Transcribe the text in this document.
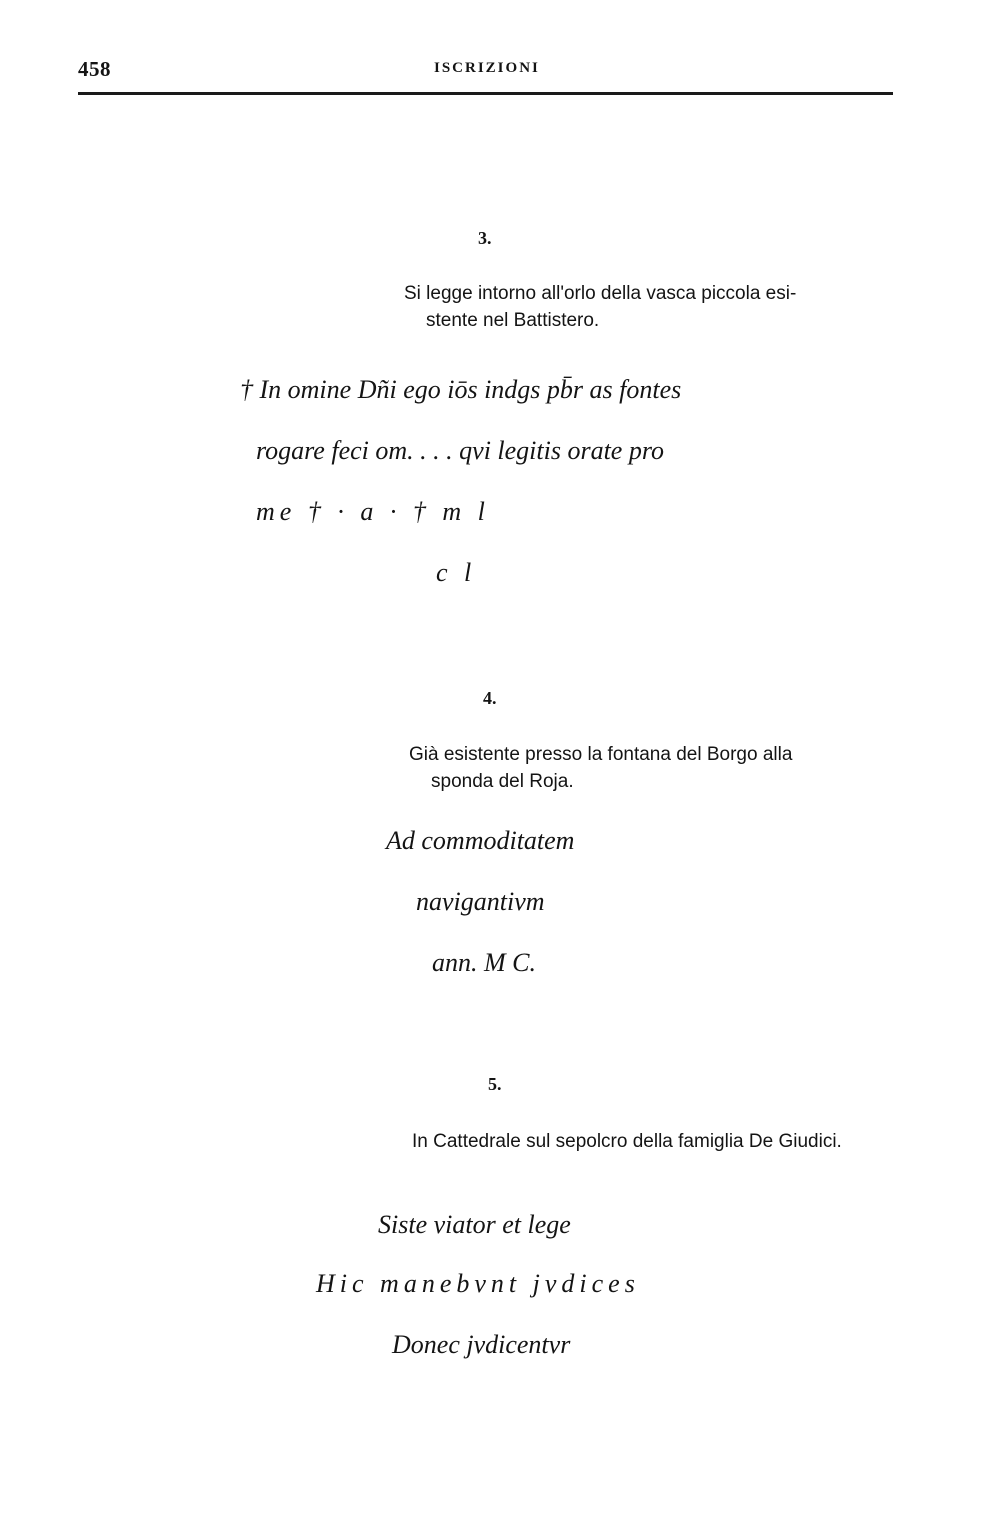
458	ISCRIZIONI
3.
Si legge intorno all'orlo della vasca piccola esi-
stente nel Battistero.
† In omine Dñi ego iōs indgs pb̄r as fontes
rogare feci om. . . . qvi legitis orate pro
me † · a · † m l
c l
4.
Già esistente presso la fontana del Borgo alla
sponda del Roja.
Ad commoditatem
navigantivm
ann. M C.
5.
In Cattedrale sul sepolcro della famiglia De Giudici.
Siste viator et lege
Hic manebvnt jvdices
Donec jvdicentvr
